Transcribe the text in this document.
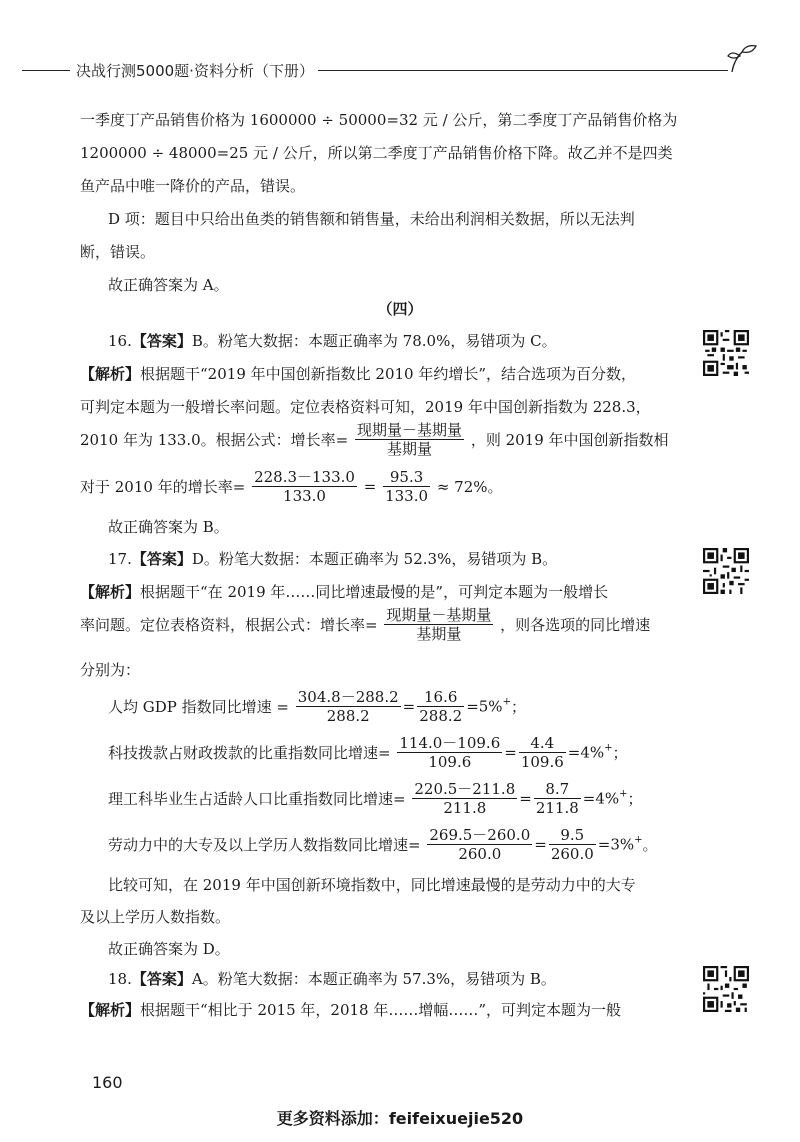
决战行测5000题·资料分析（下册）
一季度丁产品销售价格为 1600000 ÷ 50000=32 元 / 公斤，第二季度丁产品销售价格为
1200000 ÷ 48000=25 元 / 公斤，所以第二季度丁产品销售价格下降。故乙并不是四类
鱼产品中唯一降价的产品，错误。
D 项：题目中只给出鱼类的销售额和销售量，未给出利润相关数据，所以无法判
断，错误。
故正确答案为 A。
（四）
16.【答案】B。粉笔大数据：本题正确率为 78.0%，易错项为 C。
【解析】根据题干“2019 年中国创新指数比 2010 年约增长”，结合选项为百分数，
可判定本题为一般增长率问题。定位表格资料可知，2019 年中国创新指数为 228.3，
2010 年为 133.0。根据公式：增长率= $\frac{\text{现期量－基期量}}{\text{基期量}}$ ，则 2019 年中国创新指数相
对于 2010 年的增长率= $\frac{228.3-133.0}{133.0} = \frac{95.3}{133.0} \approx 72\%$。
故正确答案为 B。
17.【答案】D。粉笔大数据：本题正确率为 52.3%，易错项为 B。
【解析】根据题干“在 2019 年……同比增速最慢的是”，可判定本题为一般增长
率问题。定位表格资料，根据公式：增长率= $\frac{\text{现期量－基期量}}{\text{基期量}}$ ，则各选项的同比增速
分别为：
人均 GDP 指数同比增速 = $\frac{304.8-288.2}{288.2} = \frac{16.6}{288.2} =5\%^+$；
科技拨款占财政拨款的比重指数同比增速= $\frac{114.0-109.6}{109.6} = \frac{4.4}{109.6} =4\%^+$；
理工科毕业生占适龄人口比重指数同比增速= $\frac{220.5-211.8}{211.8} = \frac{8.7}{211.8} =4\%^+$；
劳动力中的大专及以上学历人数指数同比增速= $\frac{269.5-260.0}{260.0} = \frac{9.5}{260.0} =3\%^+$。
比较可知，在 2019 年中国创新环境指数中，同比增速最慢的是劳动力中的大专
及以上学历人数指数。
故正确答案为 D。
18.【答案】A。粉笔大数据：本题正确率为 57.3%，易错项为 B。
【解析】根据题干“相比于 2015 年，2018 年……增幅……”，可判定本题为一般
160
更多资料添加：feifeixuejie520
